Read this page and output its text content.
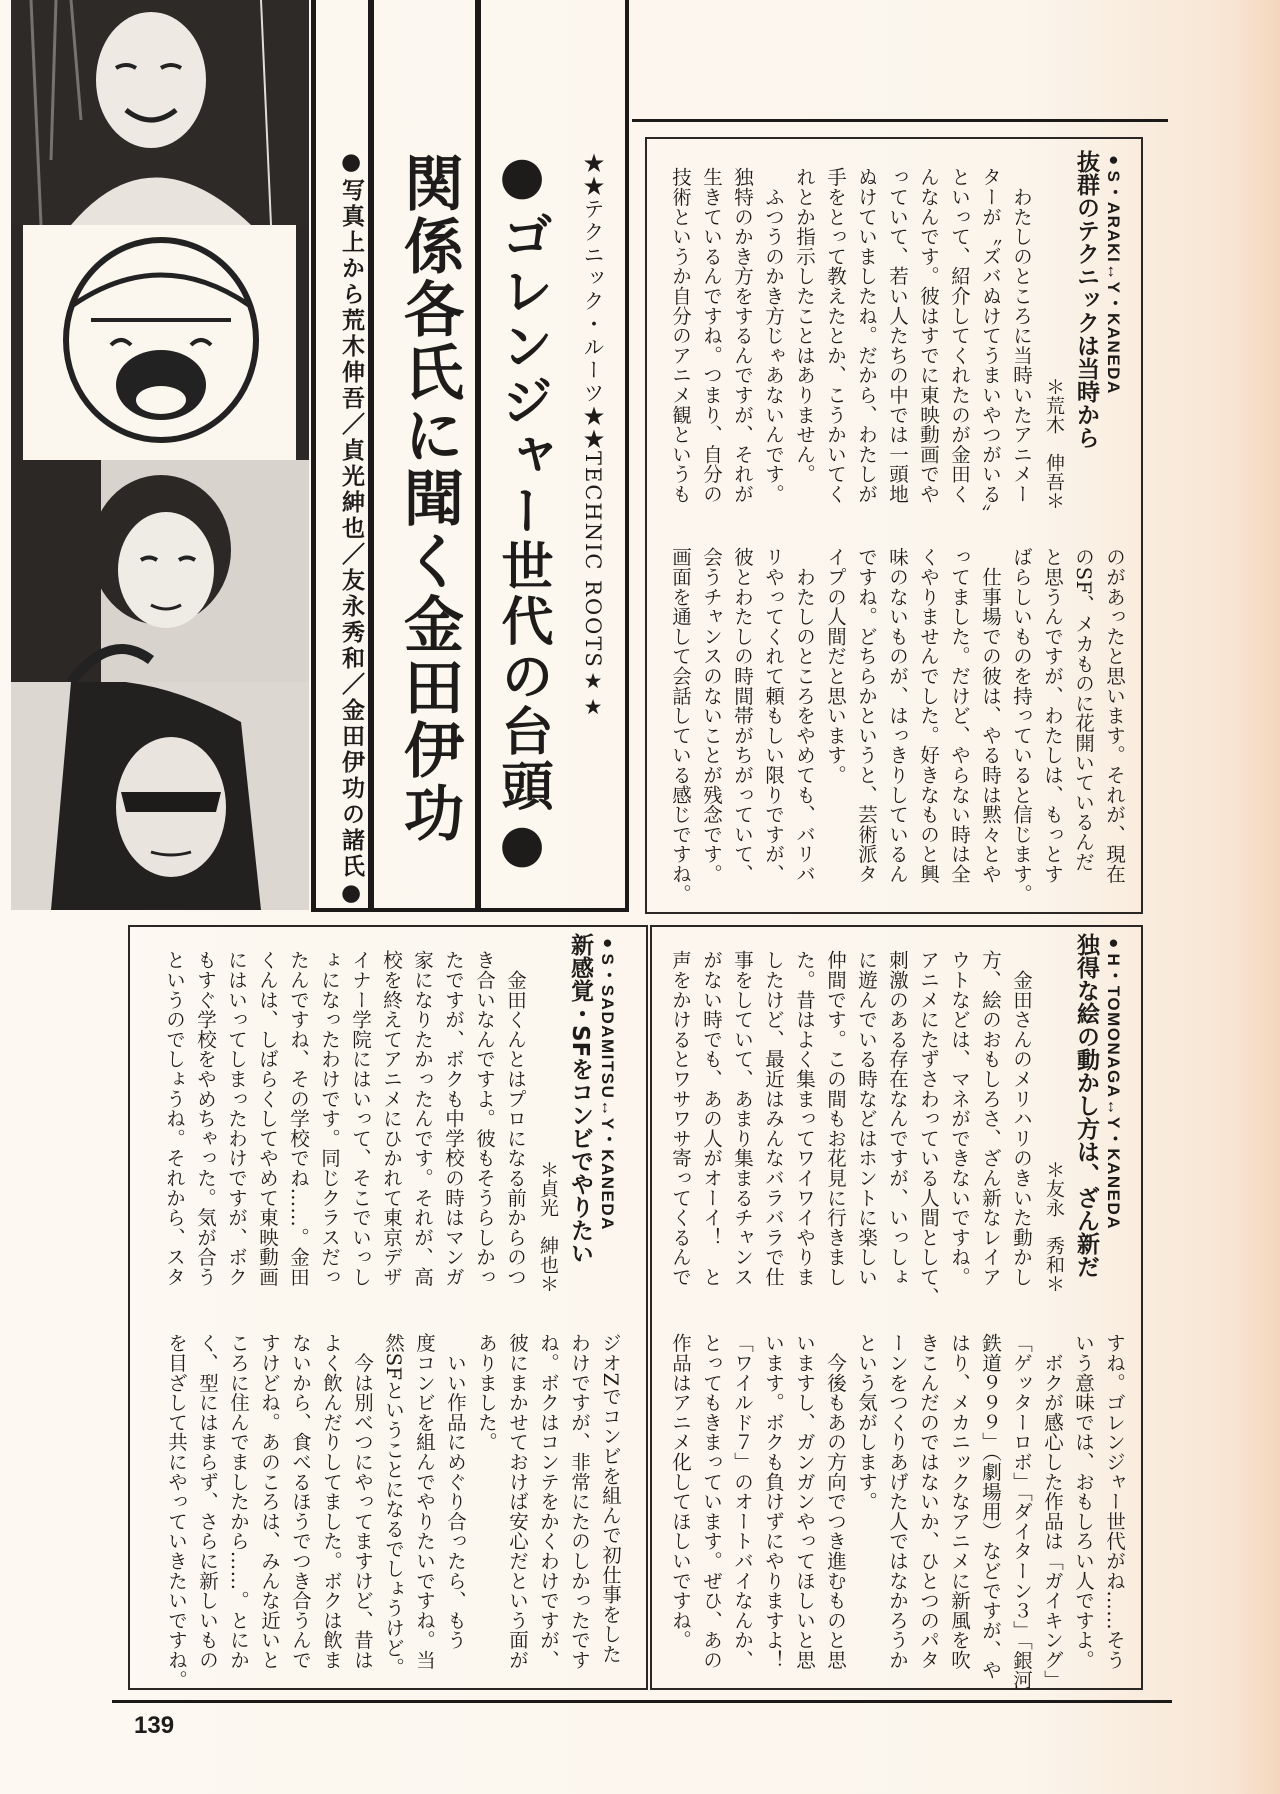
●写真上から荒木伸吾／貞光紳也／友永秀和／金田伊功の諸氏● 関係各氏に聞く金田伊功 ●ゴレンジャー世代の台頭●	★★テクニック・ルーツ★★TECHNIC ROOTS★★	●S・ARAKI↔Y・KANEDA
抜群のテクニックは当時から
＊荒木　伸吾＊
　わたしのところに当時いたアニメー
ターが〝ズバぬけてうまいやつがいる〟
といって、紹介してくれたのが金田く
んなんです。彼はすでに東映動画でや
っていて、若い人たちの中では一頭地
ぬけていましたね。だから、わたしが
手をとって教えたとか、こうかいてく
れとか指示したことはありません。
　ふつうのかき方じゃあないんです。
独特のかき方をするんですが、それが
生きているんですね。つまり、自分の
技術というか自分のアニメ観というも
のがあったと思います。それが、現在
のSF、メカものに花開いているんだ
と思うんですが、わたしは、もっとす
ばらしいものを持っていると信じます。
　仕事場での彼は、やる時は黙々とや
ってました。だけど、やらない時は全
くやりませんでした。好きなものと興
味のないものが、はっきりしているん
ですね。どちらかというと、芸術派タ
イプの人間だと思います。
　わたしのところをやめても、バリバ
リやってくれて頼もしい限りですが、
彼とわたしの時間帯がちがっていて、
会うチャンスのないことが残念です。
画面を通して会話している感じですね。
●S・SADAMITSU↔Y・KANEDA
新感覚・SFをコンビでやりたい
＊貞光　紳也＊
　金田くんとはプロになる前からのつ
き合いなんですよ。彼もそうらしかっ
たですが、ボクも中学校の時はマンガ
家になりたかったんです。それが、高
校を終えてアニメにひかれて東京デザ
イナー学院にはいって、そこでいっし
ょになったわけです。同じクラスだっ
たんですね、その学校でね……。金田
くんは、しばらくしてやめて東映動画
にはいってしまったわけですが、ボク
もすぐ学校をやめちゃった。気が合う
というのでしょうね。それから、スタ
ジオZでコンビを組んで初仕事をした
わけですが、非常にたのしかったです
ね。ボクはコンテをかくわけですが、
彼にまかせておけば安心だという面が
ありました。
　いい作品にめぐり合ったら、もう
度コンビを組んでやりたいですね。当
然SFということになるでしょうけど。
　今は別べつにやってますけど、昔は
よく飲んだりしてました。ボクは飲ま
ないから、食べるほうでつき合うんで
すけどね。あのころは、みんな近いと
ころに住んでましたから……。とにか
く、型にはまらず、さらに新しいもの
を目ざして共にやっていきたいですね。
●H・TOMONAGA↔Y・KANEDA
独得な絵の動かし方は、ざん新だ
＊友永　秀和＊
　金田さんのメリハリのきいた動かし
方、絵のおもしろさ、ざん新なレイア
ウトなどは、マネができないですね。
アニメにたずさわっている人間として、
刺激のある存在なんですが、いっしょ
に遊んでいる時などはホントに楽しい
仲間です。この間もお花見に行きまし
た。昔はよく集まってワイワイやりま
したけど、最近はみんなバラバラで仕
事をしていて、あまり集まるチャンス
がない時でも、あの人がオーイ！　と
声をかけるとワサワサ寄ってくるんで
すね。ゴレンジャー世代がね……そう
いう意味では、おもしろい人ですよ。
　ボクが感心した作品は「ガイキング」
「ゲッターロボ」「ダイターン３」「銀河
鉄道９９９」（劇場用）などですが、や
はり、メカニックなアニメに新風を吹
きこんだのではないか、ひとつのパタ
ーンをつくりあげた人ではなかろうか
という気がします。
　今後もあの方向でつき進むものと思
いますし、ガンガンやってほしいと思
います。ボクも負けずにやりますよ！
「ワイルド７」のオートバイなんか、
とってもきまっています。ぜひ、あの
作品はアニメ化してほしいですね。
139
